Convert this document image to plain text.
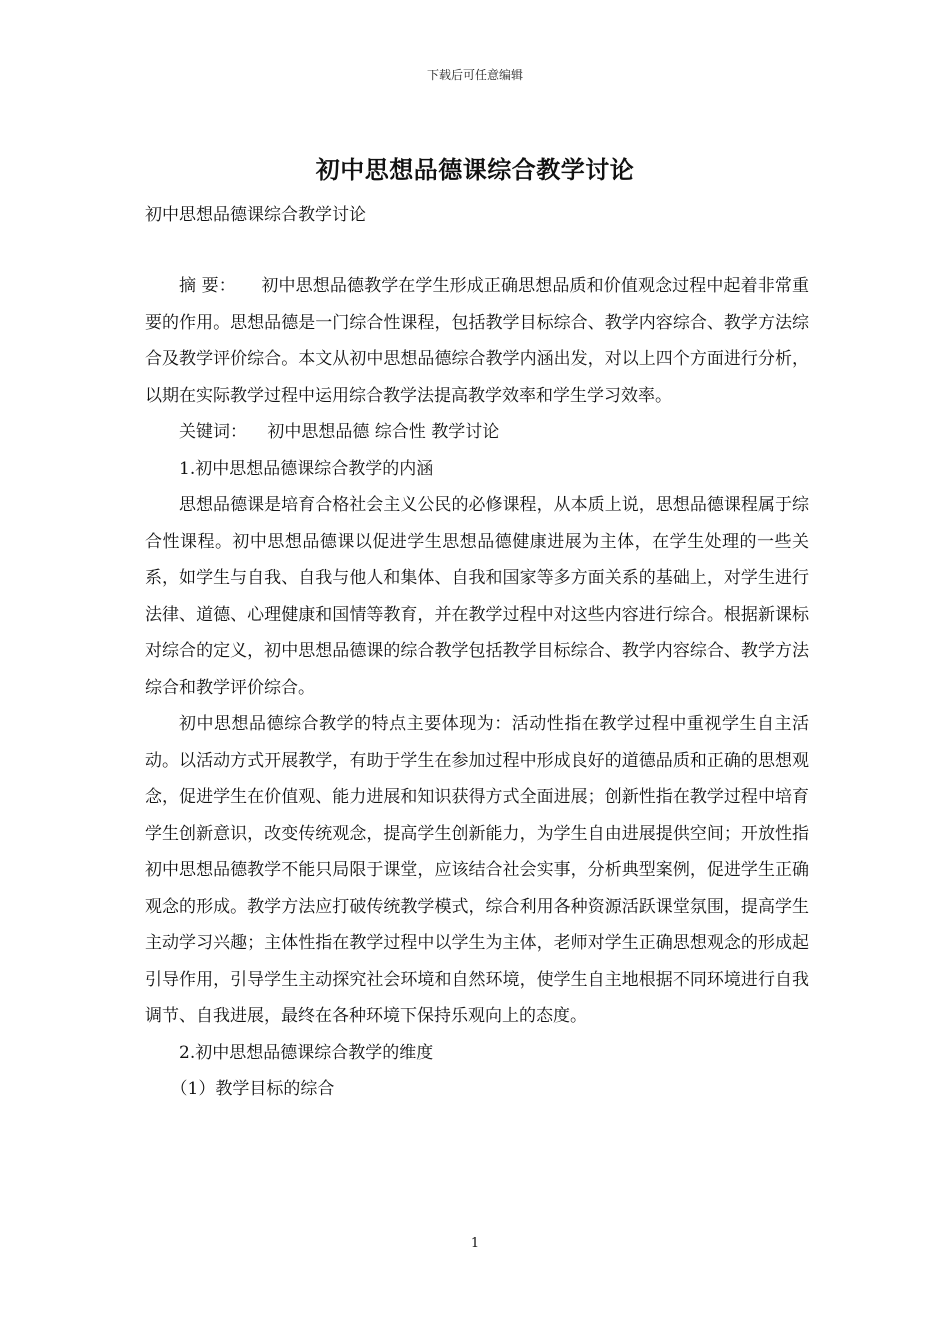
下载后可任意编辑
初中思想品德课综合教学讨论
初中思想品德课综合教学讨论

摘 要： 初中思想品德教学在学生形成正确思想品质和价值观念过程中起着非常重要的作用。思想品德是一门综合性课程，包括教学目标综合、教学内容综合、教学方法综合及教学评价综合。本文从初中思想品德综合教学内涵出发，对以上四个方面进行分析，以期在实际教学过程中运用综合教学法提高教学效率和学生学习效率。

关键词： 初中思想品德 综合性 教学讨论

1.初中思想品德课综合教学的内涵

思想品德课是培育合格社会主义公民的必修课程，从本质上说，思想品德课程属于综合性课程。初中思想品德课以促进学生思想品德健康进展为主体，在学生处理的一些关系，如学生与自我、自我与他人和集体、自我和国家等多方面关系的基础上，对学生进行法律、道德、心理健康和国情等教育，并在教学过程中对这些内容进行综合。根据新课标对综合的定义，初中思想品德课的综合教学包括教学目标综合、教学内容综合、教学方法综合和教学评价综合。

初中思想品德综合教学的特点主要体现为：活动性指在教学过程中重视学生自主活动。以活动方式开展教学，有助于学生在参加过程中形成良好的道德品质和正确的思想观念，促进学生在价值观、能力进展和知识获得方式全面进展；创新性指在教学过程中培育学生创新意识，改变传统观念，提高学生创新能力，为学生自由进展提供空间；开放性指初中思想品德教学不能只局限于课堂，应该结合社会实事，分析典型案例，促进学生正确观念的形成。教学方法应打破传统教学模式，综合利用各种资源活跃课堂氛围，提高学生主动学习兴趣；主体性指在教学过程中以学生为主体，老师对学生正确思想观念的形成起引导作用，引导学生主动探究社会环境和自然环境，使学生自主地根据不同环境进行自我调节、自我进展，最终在各种环境下保持乐观向上的态度。

2.初中思想品德课综合教学的维度

（1）教学目标的综合

1
